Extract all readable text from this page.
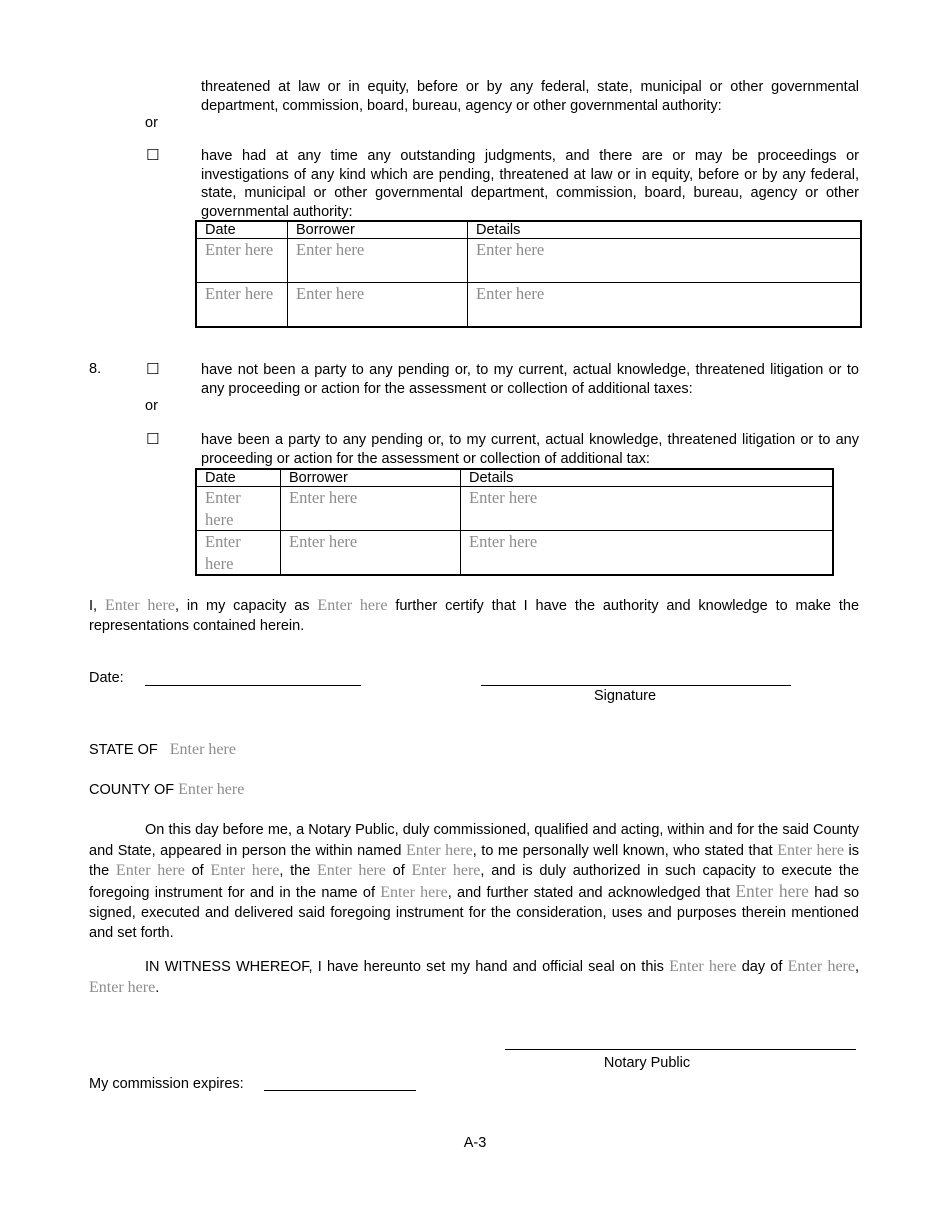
threatened at law or in equity, before or by any federal, state, municipal or other governmental department, commission, board, bureau, agency or other governmental authority:
or
☐	have had at any time any outstanding judgments, and there are or may be proceedings or investigations of any kind which are pending, threatened at law or in equity, before or by any federal, state, municipal or other governmental department, commission, board, bureau, agency or other governmental authority:
Date	Borrower	Details
Enter here	Enter here	Enter here
Enter here	Enter here	Enter here
8.	☐	have not been a party to any pending or, to my current, actual knowledge, threatened litigation or to any proceeding or action for the assessment or collection of additional taxes:
or
☐	have been a party to any pending or, to my current, actual knowledge, threatened litigation or to any proceeding or action for the assessment or collection of additional tax:
Date	Borrower	Details
Enter here	Enter here	Enter here
Enter here	Enter here	Enter here
I, Enter here, in my capacity as Enter here further certify that I have the authority and knowledge to make the representations contained herein.
Date:
Signature
STATE OF Enter here
COUNTY OF Enter here
On this day before me, a Notary Public, duly commissioned, qualified and acting, within and for the said County and State, appeared in person the within named Enter here, to me personally well known, who stated that Enter here is the Enter here of Enter here, the Enter here of Enter here, and is duly authorized in such capacity to execute the foregoing instrument for and in the name of Enter here, and further stated and acknowledged that Enter here had so signed, executed and delivered said foregoing instrument for the consideration, uses and purposes therein mentioned and set forth.
IN WITNESS WHEREOF, I have hereunto set my hand and official seal on this Enter here day of Enter here, Enter here.
Notary Public
My commission expires:
A-3
